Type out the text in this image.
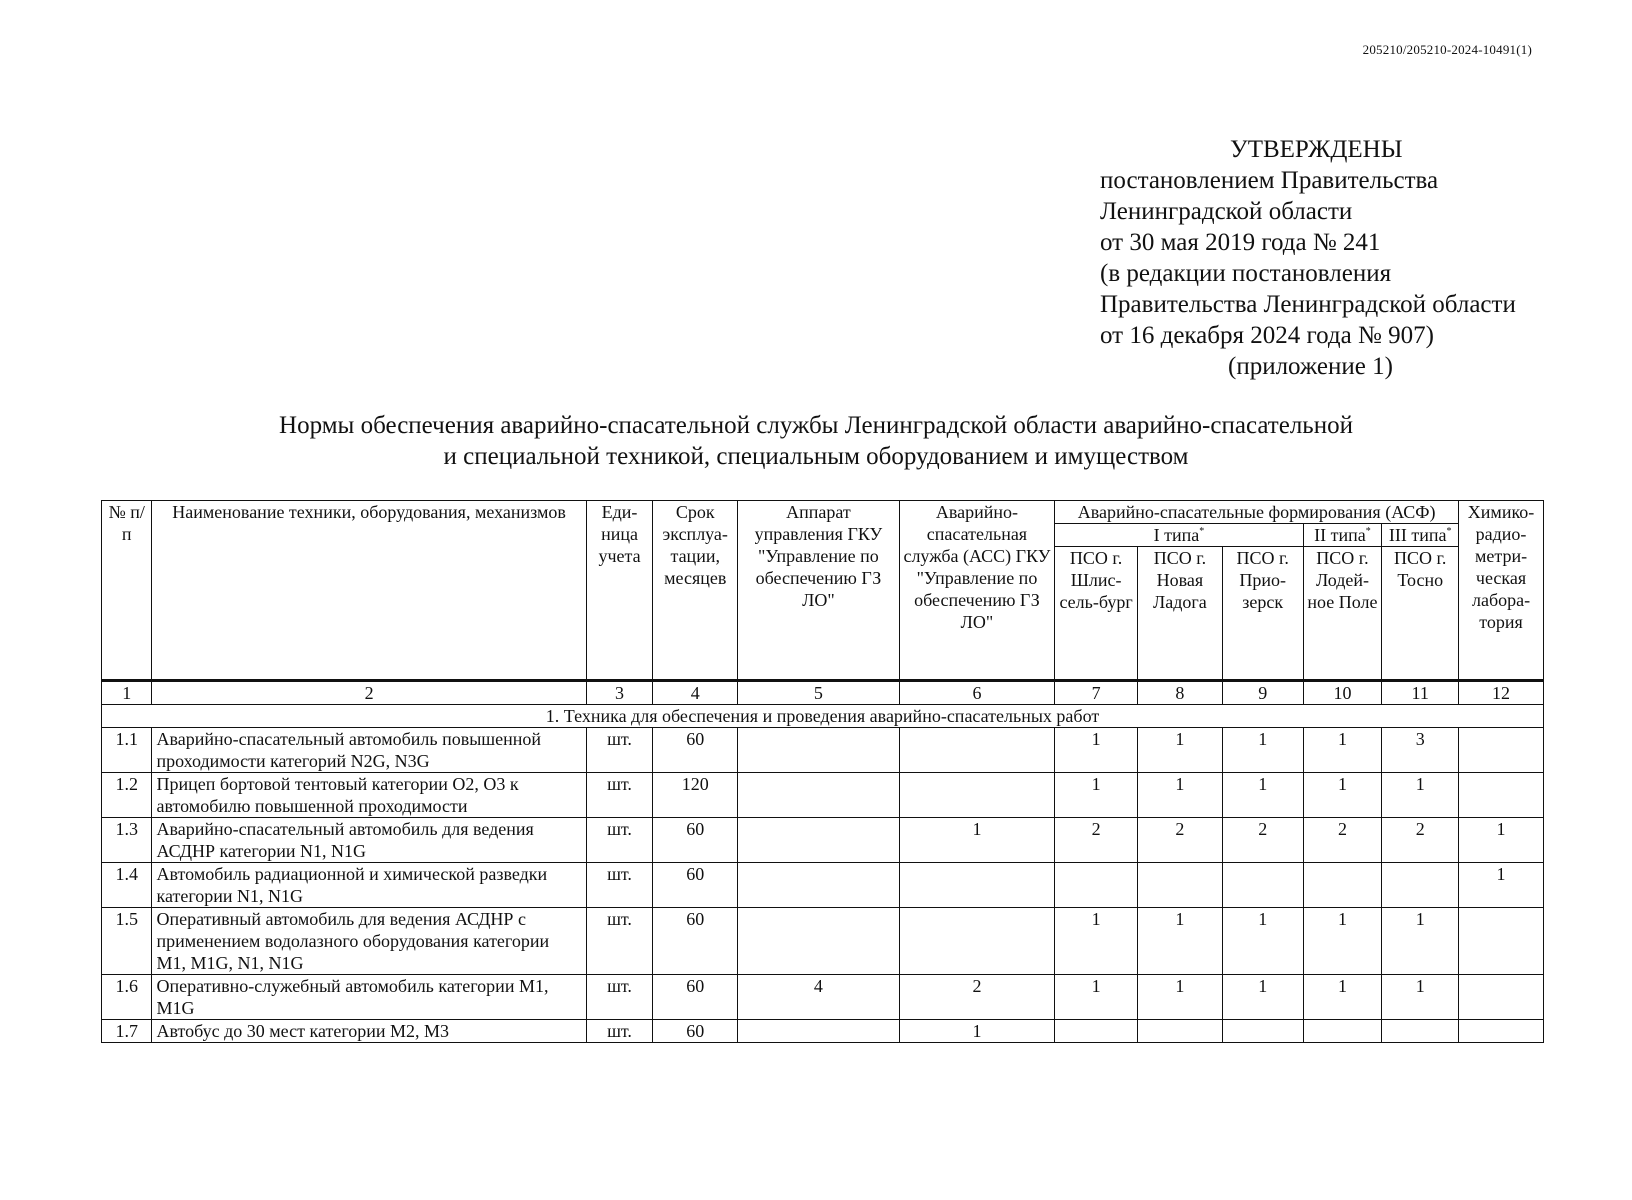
205210/205210-2024-10491(1)
УТВЕРЖДЕНЫ
постановлением Правительства
Ленинградской области
от 30 мая 2019 года № 241
(в редакции постановления
Правительства Ленинградской области
от 16 декабря 2024 года № 907)
(приложение 1)
Нормы обеспечения аварийно-спасательной службы Ленинградской области аварийно-спасательной
и специальной техникой, специальным оборудованием и имуществом
№ п/п	Наименование техники, оборудования, механизмов	Еди-ница учета	Срок эксплуа-тации, месяцев	Аппарат управления ГКУ "Управление по обеспечению ГЗ ЛО"	Аварийно-спасательная служба (АСС) ГКУ "Управление по обеспечению ГЗ ЛО"	Аварийно-спасательные формирования (АСФ)					Химико-радио-метри-ческая лабора-тория
						I типа*			II типа*	III типа*
						ПСО г. Шлис-сель-бург	ПСО г. Новая Ладога	ПСО г. Прио-зерск	ПСО г. Лодей-ное Поле	ПСО г. Тосно	
1	2	3	4	5	6	7	8	9	10	11	12
1. Техника для обеспечения и проведения аварийно-спасательных работ											
1.1	Аварийно-спасательный автомобиль повышенной проходимости категорий N2G, N3G	шт.	60			1	1	1	1	3	
1.2	Прицеп бортовой тентовый категории O2, O3 к автомобилю повышенной проходимости	шт.	120			1	1	1	1	1	
1.3	Аварийно-спасательный автомобиль для ведения АСДНР категории N1, N1G	шт.	60		1	2	2	2	2	2	1
1.4	Автомобиль радиационной и химической разведки категории N1, N1G	шт.	60								1
1.5	Оперативный автомобиль для ведения АСДНР с применением водолазного оборудования категории M1, M1G, N1, N1G	шт.	60			1	1	1	1	1	
1.6	Оперативно-служебный автомобиль категории M1, M1G	шт.	60	4	2	1	1	1	1	1	
1.7	Автобус до 30 мест категории M2, M3	шт.	60		1						
